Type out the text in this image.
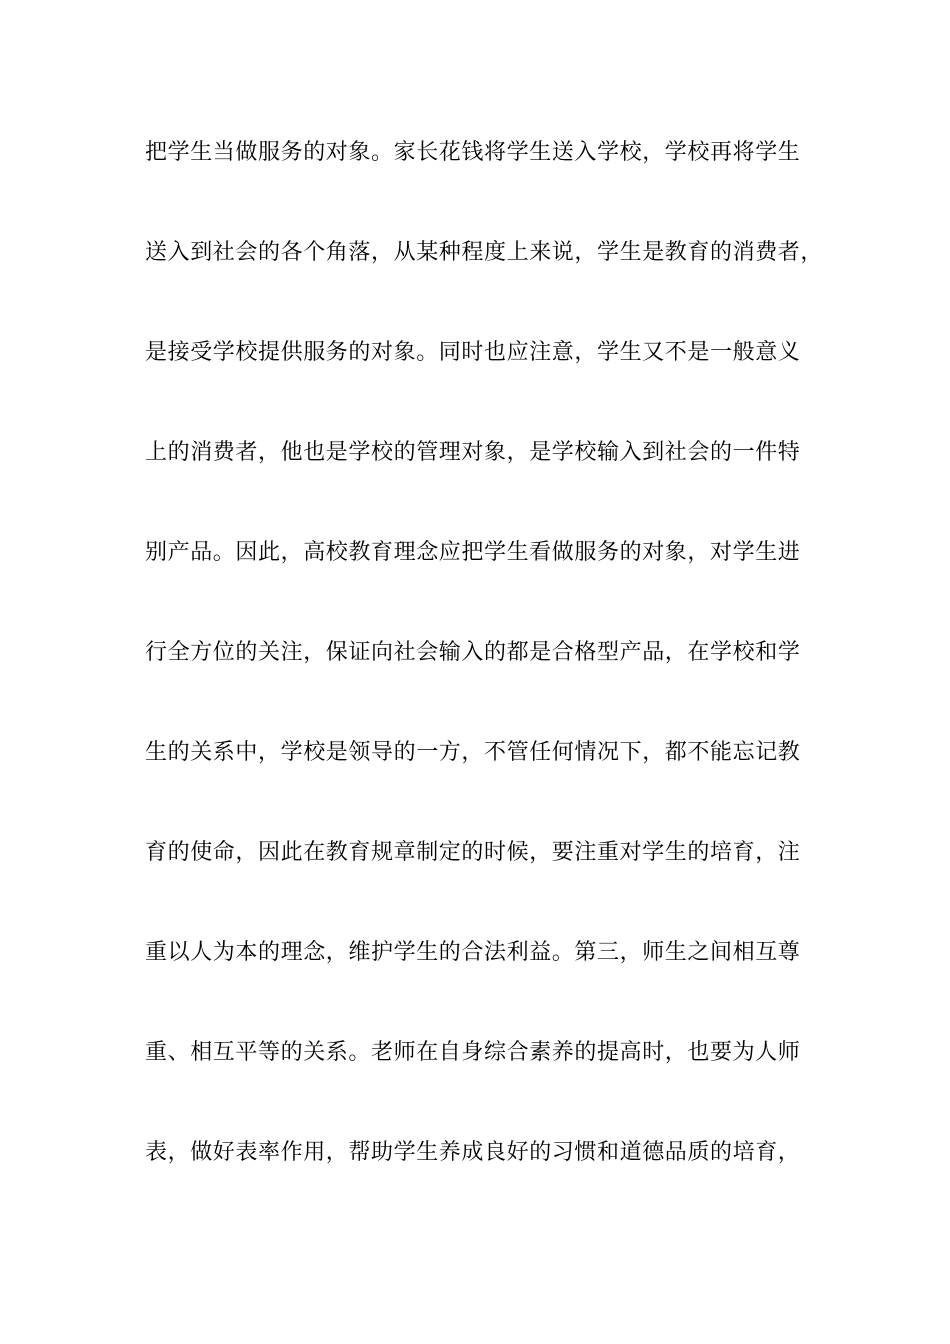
把学生当做服务的对象。家长花钱将学生送入学校，学校再将学生
送入到社会的各个角落，从某种程度上来说，学生是教育的消费者，
是接受学校提供服务的对象。同时也应注意，学生又不是一般意义
上的消费者，他也是学校的管理对象，是学校输入到社会的一件特
别产品。因此，高校教育理念应把学生看做服务的对象，对学生进
行全方位的关注，保证向社会输入的都是合格型产品，在学校和学
生的关系中，学校是领导的一方，不管任何情况下，都不能忘记教
育的使命，因此在教育规章制定的时候，要注重对学生的培育，注
重以人为本的理念，维护学生的合法利益。第三，师生之间相互尊
重、相互平等的关系。老师在自身综合素养的提高时，也要为人师
表，做好表率作用，帮助学生养成良好的习惯和道德品质的培育，
